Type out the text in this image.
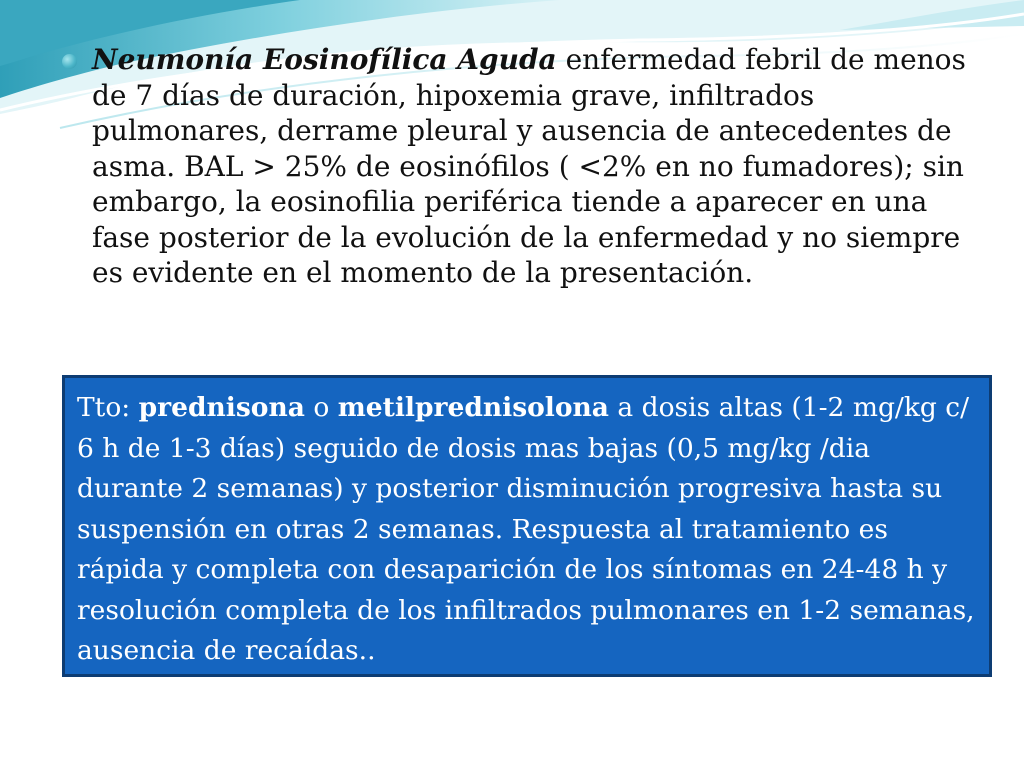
Neumonía Eosinofílica Aguda enfermedad febril de menos de 7 días de duración, hipoxemia grave, infiltrados pulmonares, derrame pleural y ausencia de antecedentes de asma. BAL > 25% de eosinófilos ( <2% en no fumadores); sin embargo, la eosinofilia periférica tiende a aparecer en una fase posterior de la evolución de la enfermedad y no siempre es evidente en el momento de la presentación.

Tto: prednisona o metilprednisolona a dosis altas (1-2 mg/kg c/ 6 h de 1-3 días) seguido de dosis mas bajas (0,5 mg/kg /dia durante 2 semanas) y posterior disminución progresiva hasta su suspensión en otras 2 semanas. Respuesta al tratamiento es rápida y completa con desaparición de los síntomas en 24-48 h y resolución completa de los infiltrados pulmonares en 1-2 semanas, ausencia de recaídas..
